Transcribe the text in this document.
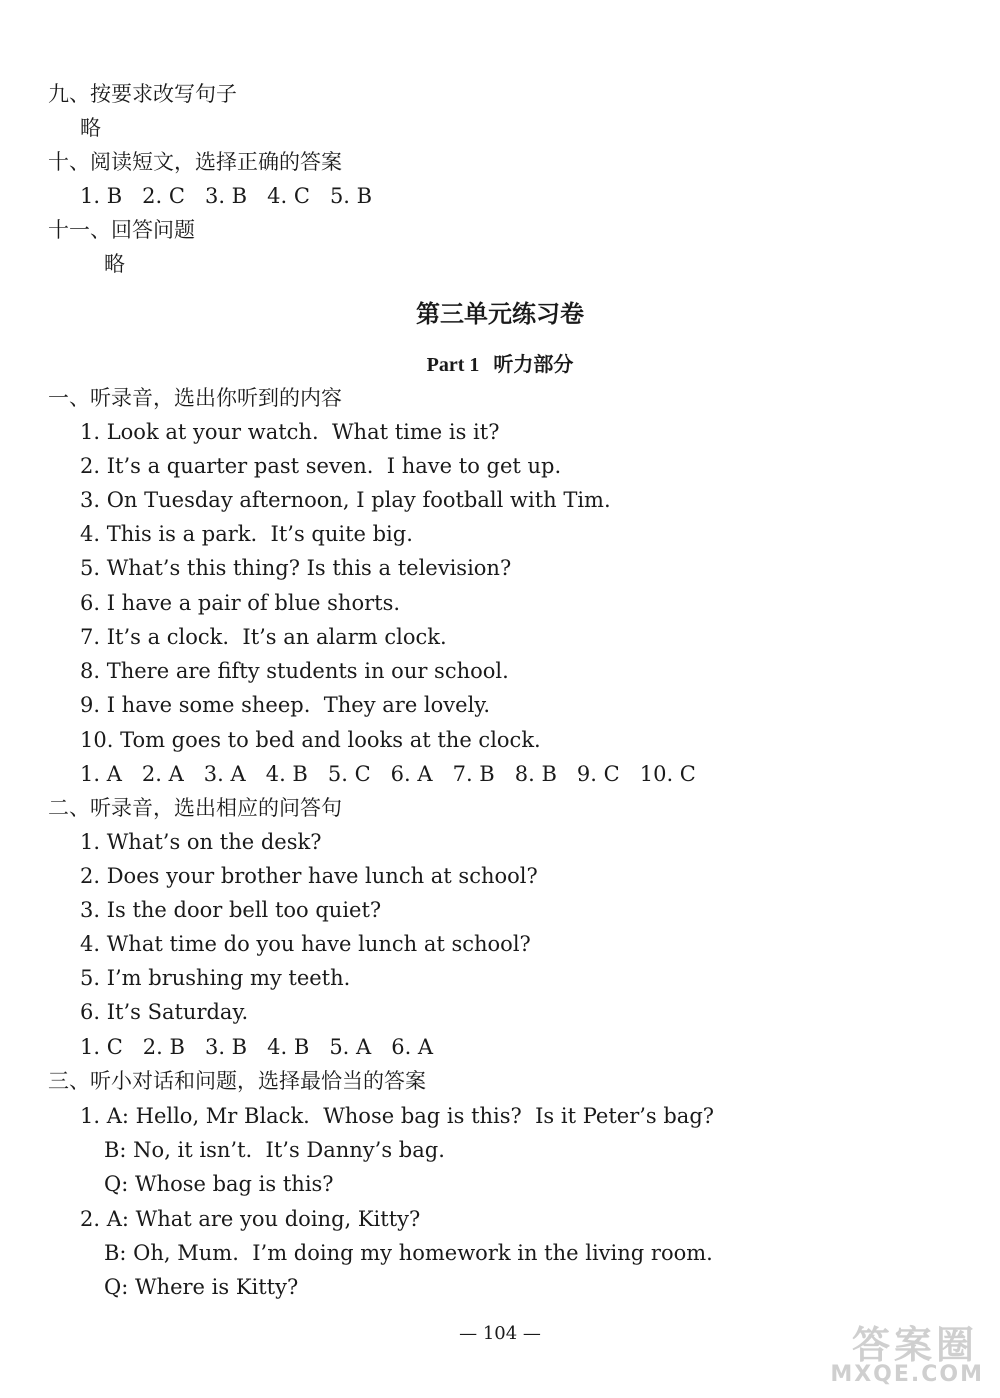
九、按要求改写句子
略
十、阅读短文，选择正确的答案
1. B   2. C   3. B   4. C   5. B
十一、回答问题
略
第三单元练习卷
Part 1 听力部分
一、听录音，选出你听到的内容
1. Look at your watch.  What time is it?
2. It’s a quarter past seven.  I have to get up.
3. On Tuesday afternoon, I play football with Tim.
4. This is a park.  It’s quite big.
5. What’s this thing? Is this a television?
6. I have a pair of blue shorts.
7. It’s a clock.  It’s an alarm clock.
8. There are fifty students in our school.
9. I have some sheep.  They are lovely.
10. Tom goes to bed and looks at the clock.
1. A   2. A   3. A   4. B   5. C   6. A   7. B   8. B   9. C   10. C
二、听录音，选出相应的问答句
1. What’s on the desk?
2. Does your brother have lunch at school?
3. Is the door bell too quiet?
4. What time do you have lunch at school?
5. I’m brushing my teeth.
6. It’s Saturday.
1. C   2. B   3. B   4. B   5. A   6. A
三、听小对话和问题，选择最恰当的答案
1. A: Hello, Mr Black.  Whose bag is this?  Is it Peter’s bag?
B: No, it isn’t.  It’s Danny’s bag.
Q: Whose bag is this?
2. A: What are you doing, Kitty?
B: Oh, Mum.  I’m doing my homework in the living room.
Q: Where is Kitty?
— 104 —	答案圈
MXQE.COM
